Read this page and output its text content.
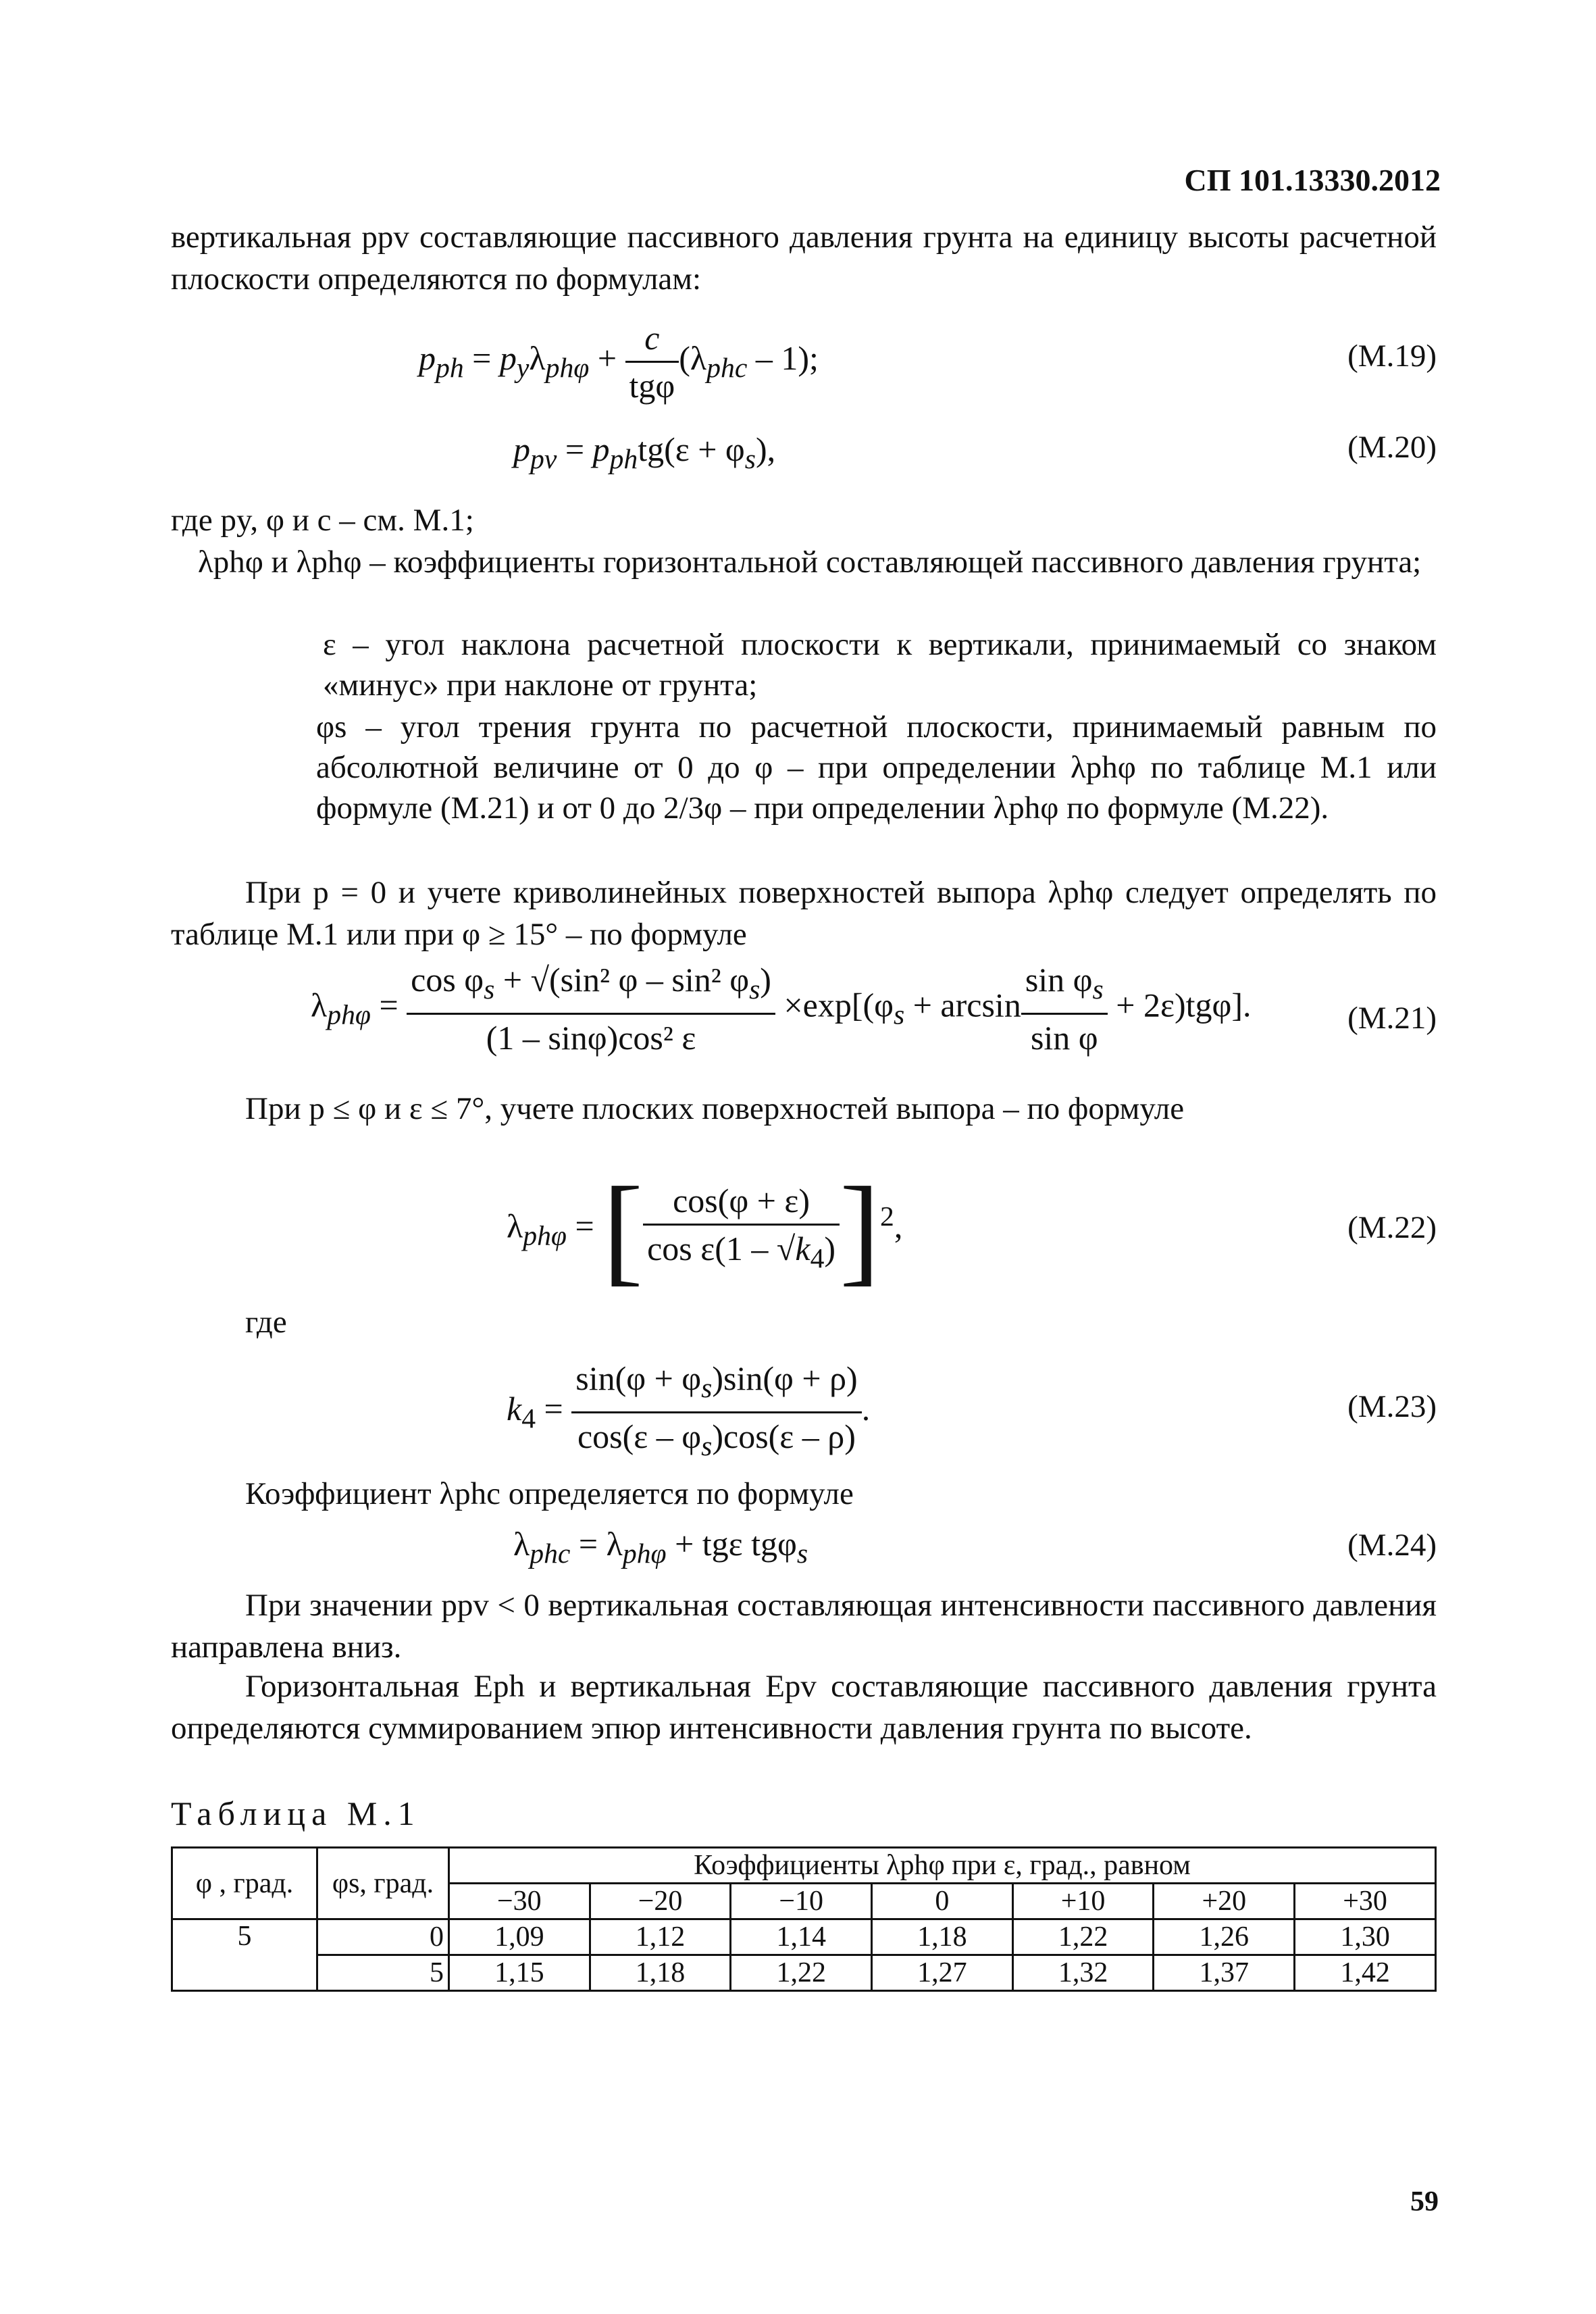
СП 101.13330.2012
вертикальная ppv составляющие пассивного давления грунта на единицу высоты расчетной плоскости определяются по формулам:
$p_{ph} = p_y\lambda_{ph\varphi} + \frac{c}{\text{tgφ}} (\lambda_{phc} - 1)$;	(М.19)
$p_{pv} = p_{ph}tg(\varepsilon + \varphi_s)$,	(М.20)
где py, φ и c – см. М.1;
λphφ и λphφ – коэффициенты горизонтальной составляющей пассивного давления грунта;
ε – угол наклона расчетной плоскости к вертикали, принимаемый со знаком «минус» при наклоне от грунта;
φs – угол трения грунта по расчетной плоскости, принимаемый равным по абсолютной величине от 0 до φ – при определении λphφ по таблице М.1 или формуле (М.21) и от 0 до 2/3φ – при определении λphφ по формуле (М.22).
При p = 0 и учете криволинейных поверхностей выпора λphφ следует определять по таблице М.1 или при φ ≥ 15° – по формуле
$\lambda_{ph\varphi} = \frac{\cos \varphi_s + √(\sin^2 \varphi - \sin^2 \varphi_s)}{\text{(1 – sinφ)cos² ε}} \times\exp[(\varphi_s + \arcsin \frac{\sin \varphi_s}{\text{sin φ}} + 2\varepsilon)tg\varphi]$.	(М.21)
При p ≤ φ и ε ≤ 7°, учете плоских поверхностей выпора – по формуле
$\lambda_{ph\varphi}$ = [ $\frac{\cos(\varphi + \varepsilon)}{\cos \varepsilon(1 - √k_4)} ]^2$,	(М.22)
где
$k_4 = \frac{\sin(\varphi + \varphi_s)\sin(\varphi + \rho)}{\cos(\varepsilon - \varphi_s)\cos(\varepsilon - \rho)}$ .	(М.23)
Коэффициент λphc определяется по формуле
$\lambda_{phc} = \lambda_{ph\varphi} + tg\varepsilon$ tgφ$_s$	(М.24)
При значении ppv < 0 вертикальная составляющая интенсивности пассивного давления направлена вниз.
Горизонтальная Eph и вертикальная Epv составляющие пассивного давления грунта определяются суммированием эпюр интенсивности давления грунта по высоте.
Таблица М.1
φ , град.	φs, град.	Коэффициенты λphφ при ε, град., равном						
		−30	−20	−10	0	+10	+20	+30
5	0	1,09	1,12	1,14	1,18	1,22	1,26	1,30
	5	1,15	1,18	1,22	1,27	1,32	1,37	1,42
59
